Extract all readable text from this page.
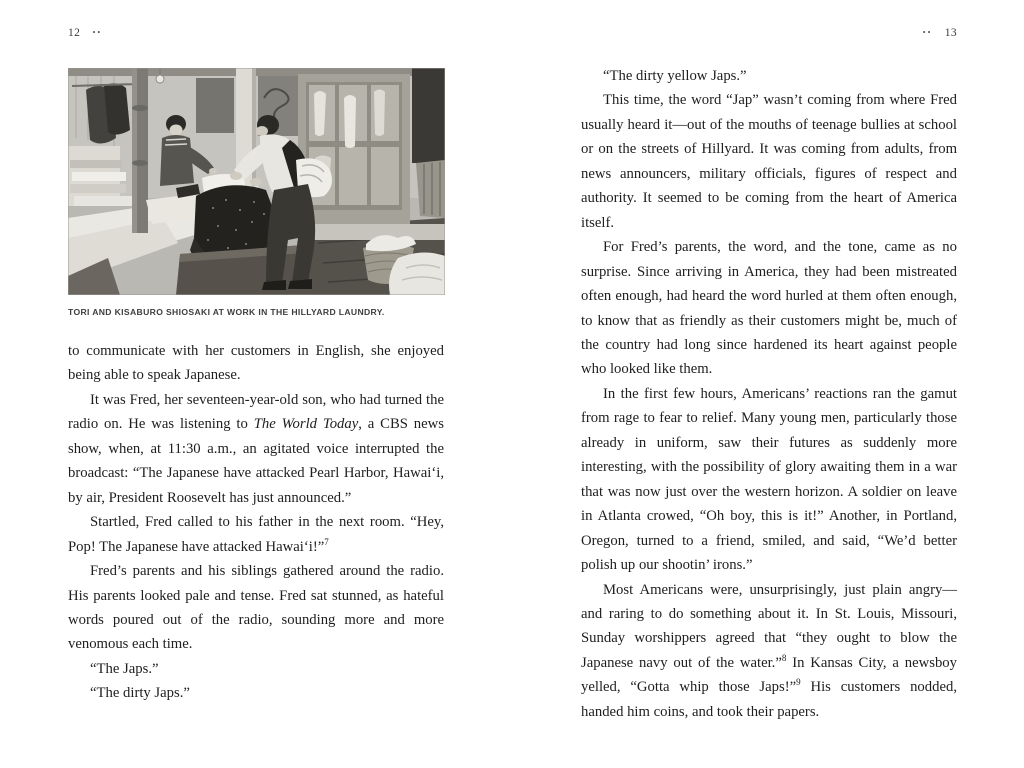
12 ••
TORI AND KISABURO SHIOSAKI AT WORK IN THE HILLYARD LAUNDRY.

to communicate with her customers in English, she enjoyed being able to speak Japanese.

It was Fred, her seventeen-year-old son, who had turned the radio on. He was listening to The World Today, a CBS news show, when, at 11:30 a.m., an agitated voice interrupted the broadcast: “The Japanese have attacked Pearl Harbor, Hawai‘i, by air, President Roosevelt has just announced.”

Startled, Fred called to his father in the next room. “Hey, Pop! The Japanese have attacked Hawai‘i!”$^7$

Fred’s parents and his siblings gathered around the radio. His parents looked pale and tense. Fred sat stunned, as hateful words poured out of the radio, sounding more and more venomous each time.

“The Japs.”

“The dirty Japs.”

•• 13

“The dirty yellow Japs.”

This time, the word “Jap” wasn’t coming from where Fred usually heard it—out of the mouths of teenage bullies at school or on the streets of Hillyard. It was coming from adults, from news announcers, military officials, figures of respect and authority. It seemed to be coming from the heart of America itself.

For Fred’s parents, the word, and the tone, came as no surprise. Since arriving in America, they had been mistreated often enough, had heard the word hurled at them often enough, to know that as friendly as their customers might be, much of the country had long since hardened its heart against people who looked like them.

In the first few hours, Americans’ reactions ran the gamut from rage to fear to relief. Many young men, particularly those already in uniform, saw their futures as suddenly more interesting, with the possibility of glory awaiting them in a war that was now just over the western horizon. A soldier on leave in Atlanta crowed, “Oh boy, this is it!” Another, in Portland, Oregon, turned to a friend, smiled, and said, “We’d better polish up our shootin’ irons.”

Most Americans were, unsurprisingly, just plain angry—and raring to do something about it. In St. Louis, Missouri, Sunday worshippers agreed that “they ought to blow the Japanese navy out of the water.”$^8$ In Kansas City, a newsboy yelled, “Gotta whip those Japs!”$^9$ His customers nodded, handed him coins, and took their papers.
